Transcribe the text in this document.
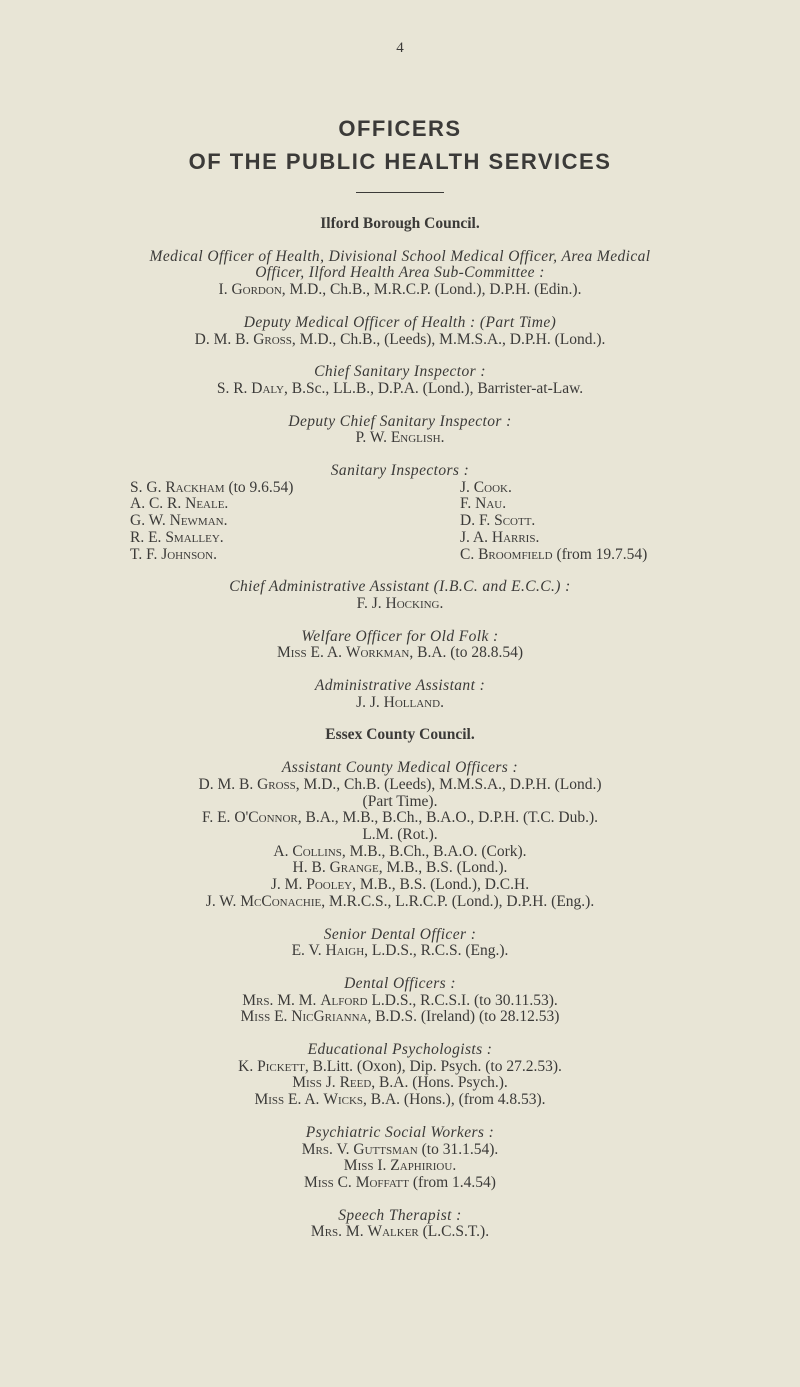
4
OFFICERS
OF THE PUBLIC HEALTH SERVICES
Ilford Borough Council.
Medical Officer of Health, Divisional School Medical Officer, Area Medical
Officer, Ilford Health Area Sub-Committee :
I. Gordon, M.D., Ch.B., M.R.C.P. (Lond.), D.P.H. (Edin.).
Deputy Medical Officer of Health : (Part Time)
D. M. B. Gross, M.D., Ch.B., (Leeds), M.M.S.A., D.P.H. (Lond.).
Chief Sanitary Inspector :
S. R. Daly, B.Sc., LL.B., D.P.A. (Lond.), Barrister-at-Law.
Deputy Chief Sanitary Inspector :
P. W. English.
Sanitary Inspectors :
S. G. Rackham (to 9.6.54)
A. C. R. Neale.
G. W. Newman.
R. E. Smalley.
T. F. Johnson.
J. Cook.
F. Nau.
D. F. Scott.
J. A. Harris.
C. Broomfield (from 19.7.54)
Chief Administrative Assistant (I.B.C. and E.C.C.) :
F. J. Hocking.
Welfare Officer for Old Folk :
Miss E. A. Workman, B.A. (to 28.8.54)
Administrative Assistant :
J. J. Holland.
Essex County Council.
Assistant County Medical Officers :
D. M. B. Gross, M.D., Ch.B. (Leeds), M.M.S.A., D.P.H. (Lond.)
(Part Time).
F. E. O'Connor, B.A., M.B., B.Ch., B.A.O., D.P.H. (T.C. Dub.).
L.M. (Rot.).
A. Collins, M.B., B.Ch., B.A.O. (Cork).
H. B. Grange, M.B., B.S. (Lond.).
J. M. Pooley, M.B., B.S. (Lond.), D.C.H.
J. W. McConachie, M.R.C.S., L.R.C.P. (Lond.), D.P.H. (Eng.).
Senior Dental Officer :
E. V. Haigh, L.D.S., R.C.S. (Eng.).
Dental Officers :
Mrs. M. M. Alford L.D.S., R.C.S.I. (to 30.11.53).
Miss E. NicGrianna, B.D.S. (Ireland) (to 28.12.53)
Educational Psychologists :
K. Pickett, B.Litt. (Oxon), Dip. Psych. (to 27.2.53).
Miss J. Reed, B.A. (Hons. Psych.).
Miss E. A. Wicks, B.A. (Hons.), (from 4.8.53).
Psychiatric Social Workers :
Mrs. V. Guttsman (to 31.1.54).
Miss I. Zaphiriou.
Miss C. Moffatt (from 1.4.54)
Speech Therapist :
Mrs. M. Walker (L.C.S.T.).
